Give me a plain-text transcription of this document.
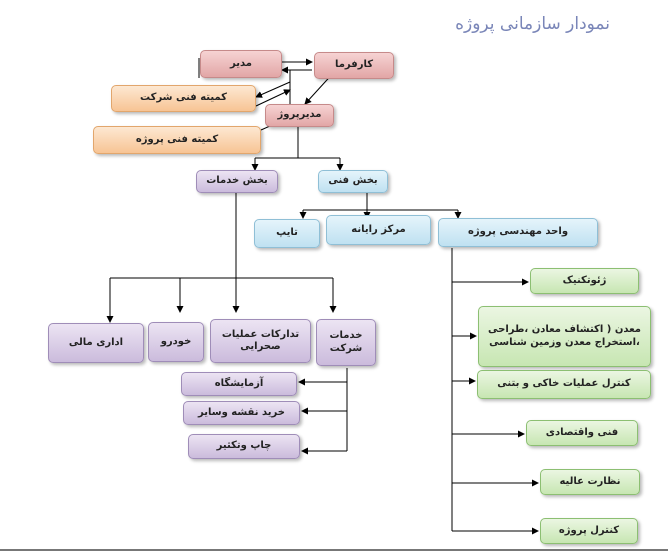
نمودار سازمانی پروژه
کارفرما
مدیر
کمیته فنی شرکت
مدیرپروژ
کمیته فنی پروژه
بخش خدمات	بخش فنی
تایپ	مرکز رایانه	واحد مهندسی پروژه
اداری مالی	خودرو
تدارکات عملیات صحرایی
خدمات شرکت
آزمایشگاه
خرید نقشه وسایر
چاپ وتکثیر
ژئوتکنیک
معدن ( اکتشاف معادن ،طراحی ،استخراج معدن وزمین شناسی
کنترل عملیات خاکی و بتنی
فنی واقتصادی
نظارت عالیه
کنترل پروژه
